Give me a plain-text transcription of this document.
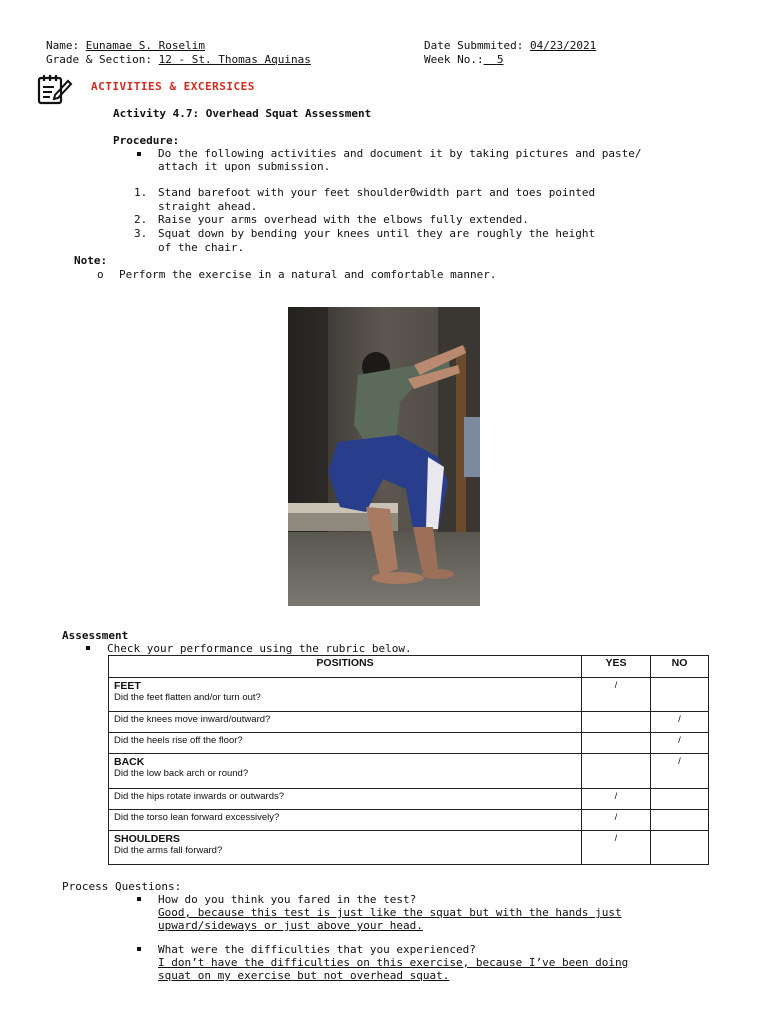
Name: Eunamae S. Roselim
Grade & Section: 12 - St. Thomas Aquinas
Date Submmited: 04/23/2021
Week No.: 5
ACTIVITIES & EXCERSICES
Activity 4.7: Overhead Squat Assessment
Procedure:
Do the following activities and document it by taking pictures and paste/
attach it upon submission.
1. Stand barefoot with your feet shoulder0width part and toes pointed
straight ahead.
2. Raise your arms overhead with the elbows fully extended.
3. Squat down by bending your knees until they are roughly the height
of the chair.
Note:
o Perform the exercise in a natural and comfortable manner.
Assessment
Check your performance using the rubric below.
POSITIONS	YES	NO

FEET
Did the feet flatten and/or turn out?	/	
Did the knees move inward/outward?		/
Did the heels rise off the floor?		/

BACK
Did the low back arch or round?		/
Did the hips rotate inwards or outwards?	/	
Did the torso lean forward excessively?	/	

SHOULDERS
Did the arms fall forward?	/	
Process Questions:
How do you think you fared in the test?
Good, because this test is just like the squat but with the hands just
upward/sideways or just above your head.
What were the difficulties that you experienced?
I don’t have the difficulties on this exercise, because I’ve been doing
squat on my exercise but not overhead squat.
